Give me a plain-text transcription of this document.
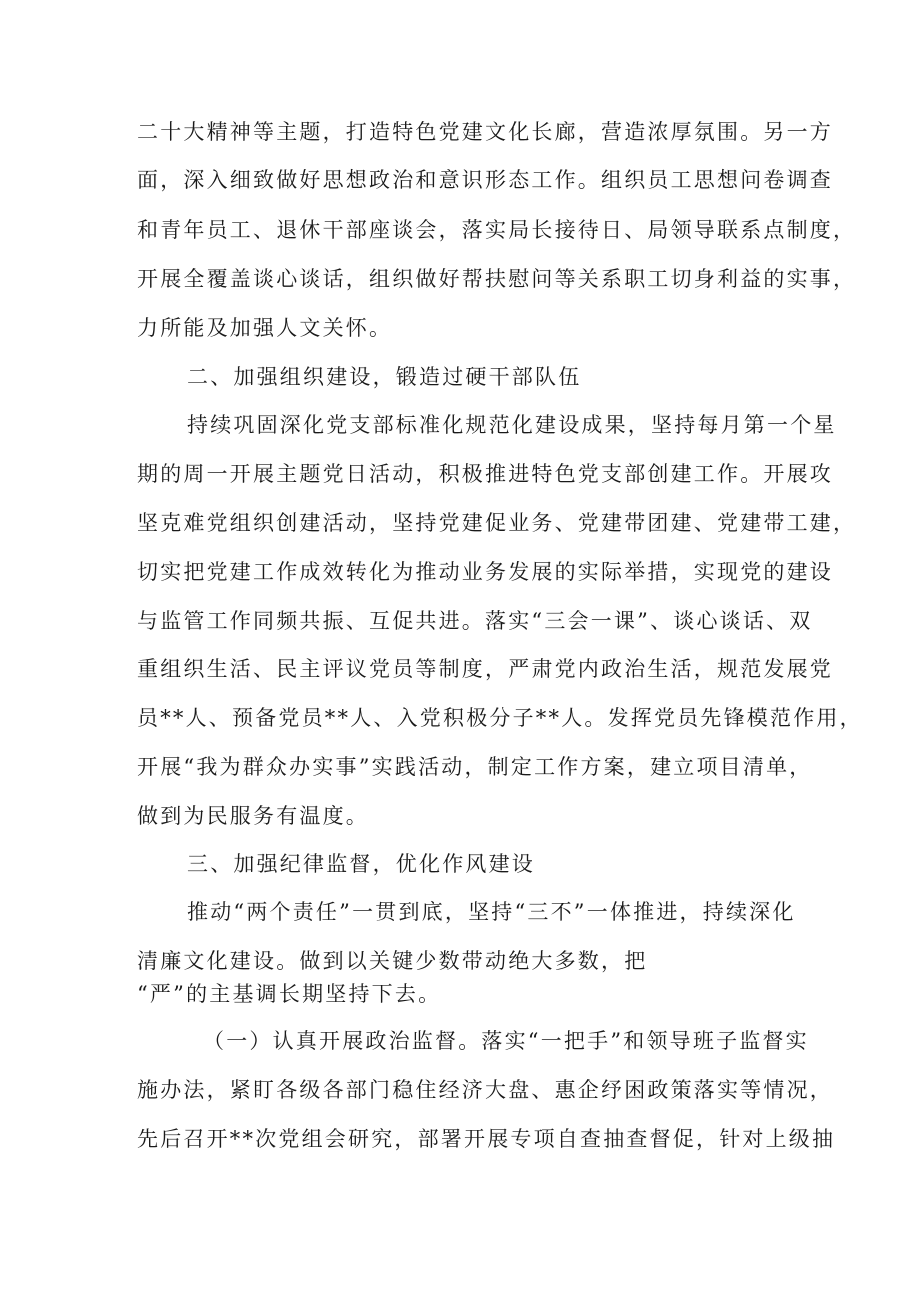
二十大精神等主题，打造特色党建文化长廊，营造浓厚氛围。另一方
面，深入细致做好思想政治和意识形态工作。组织员工思想问卷调查
和青年员工、退休干部座谈会，落实局长接待日、局领导联系点制度，
开展全覆盖谈心谈话，组织做好帮扶慰问等关系职工切身利益的实事，
力所能及加强人文关怀。
二、加强组织建设，锻造过硬干部队伍
持续巩固深化党支部标准化规范化建设成果，坚持每月第一个星
期的周一开展主题党日活动，积极推进特色党支部创建工作。开展攻
坚克难党组织创建活动，坚持党建促业务、党建带团建、党建带工建，
切实把党建工作成效转化为推动业务发展的实际举措，实现党的建设
与监管工作同频共振、互促共进。落实“三会一课”、谈心谈话、双
重组织生活、民主评议党员等制度，严肃党内政治生活，规范发展党
员**人、预备党员**人、入党积极分子**人。发挥党员先锋模范作用，
开展“我为群众办实事”实践活动，制定工作方案，建立项目清单，
做到为民服务有温度。
三、加强纪律监督，优化作风建设
推动“两个责任”一贯到底，坚持“三不”一体推进，持续深化
清廉文化建设。做到以关键少数带动绝大多数，把
“严”的主基调长期坚持下去。
（一）认真开展政治监督。落实“一把手”和领导班子监督实
施办法，紧盯各级各部门稳住经济大盘、惠企纾困政策落实等情况，
先后召开**次党组会研究，部署开展专项自查抽查督促，针对上级抽
